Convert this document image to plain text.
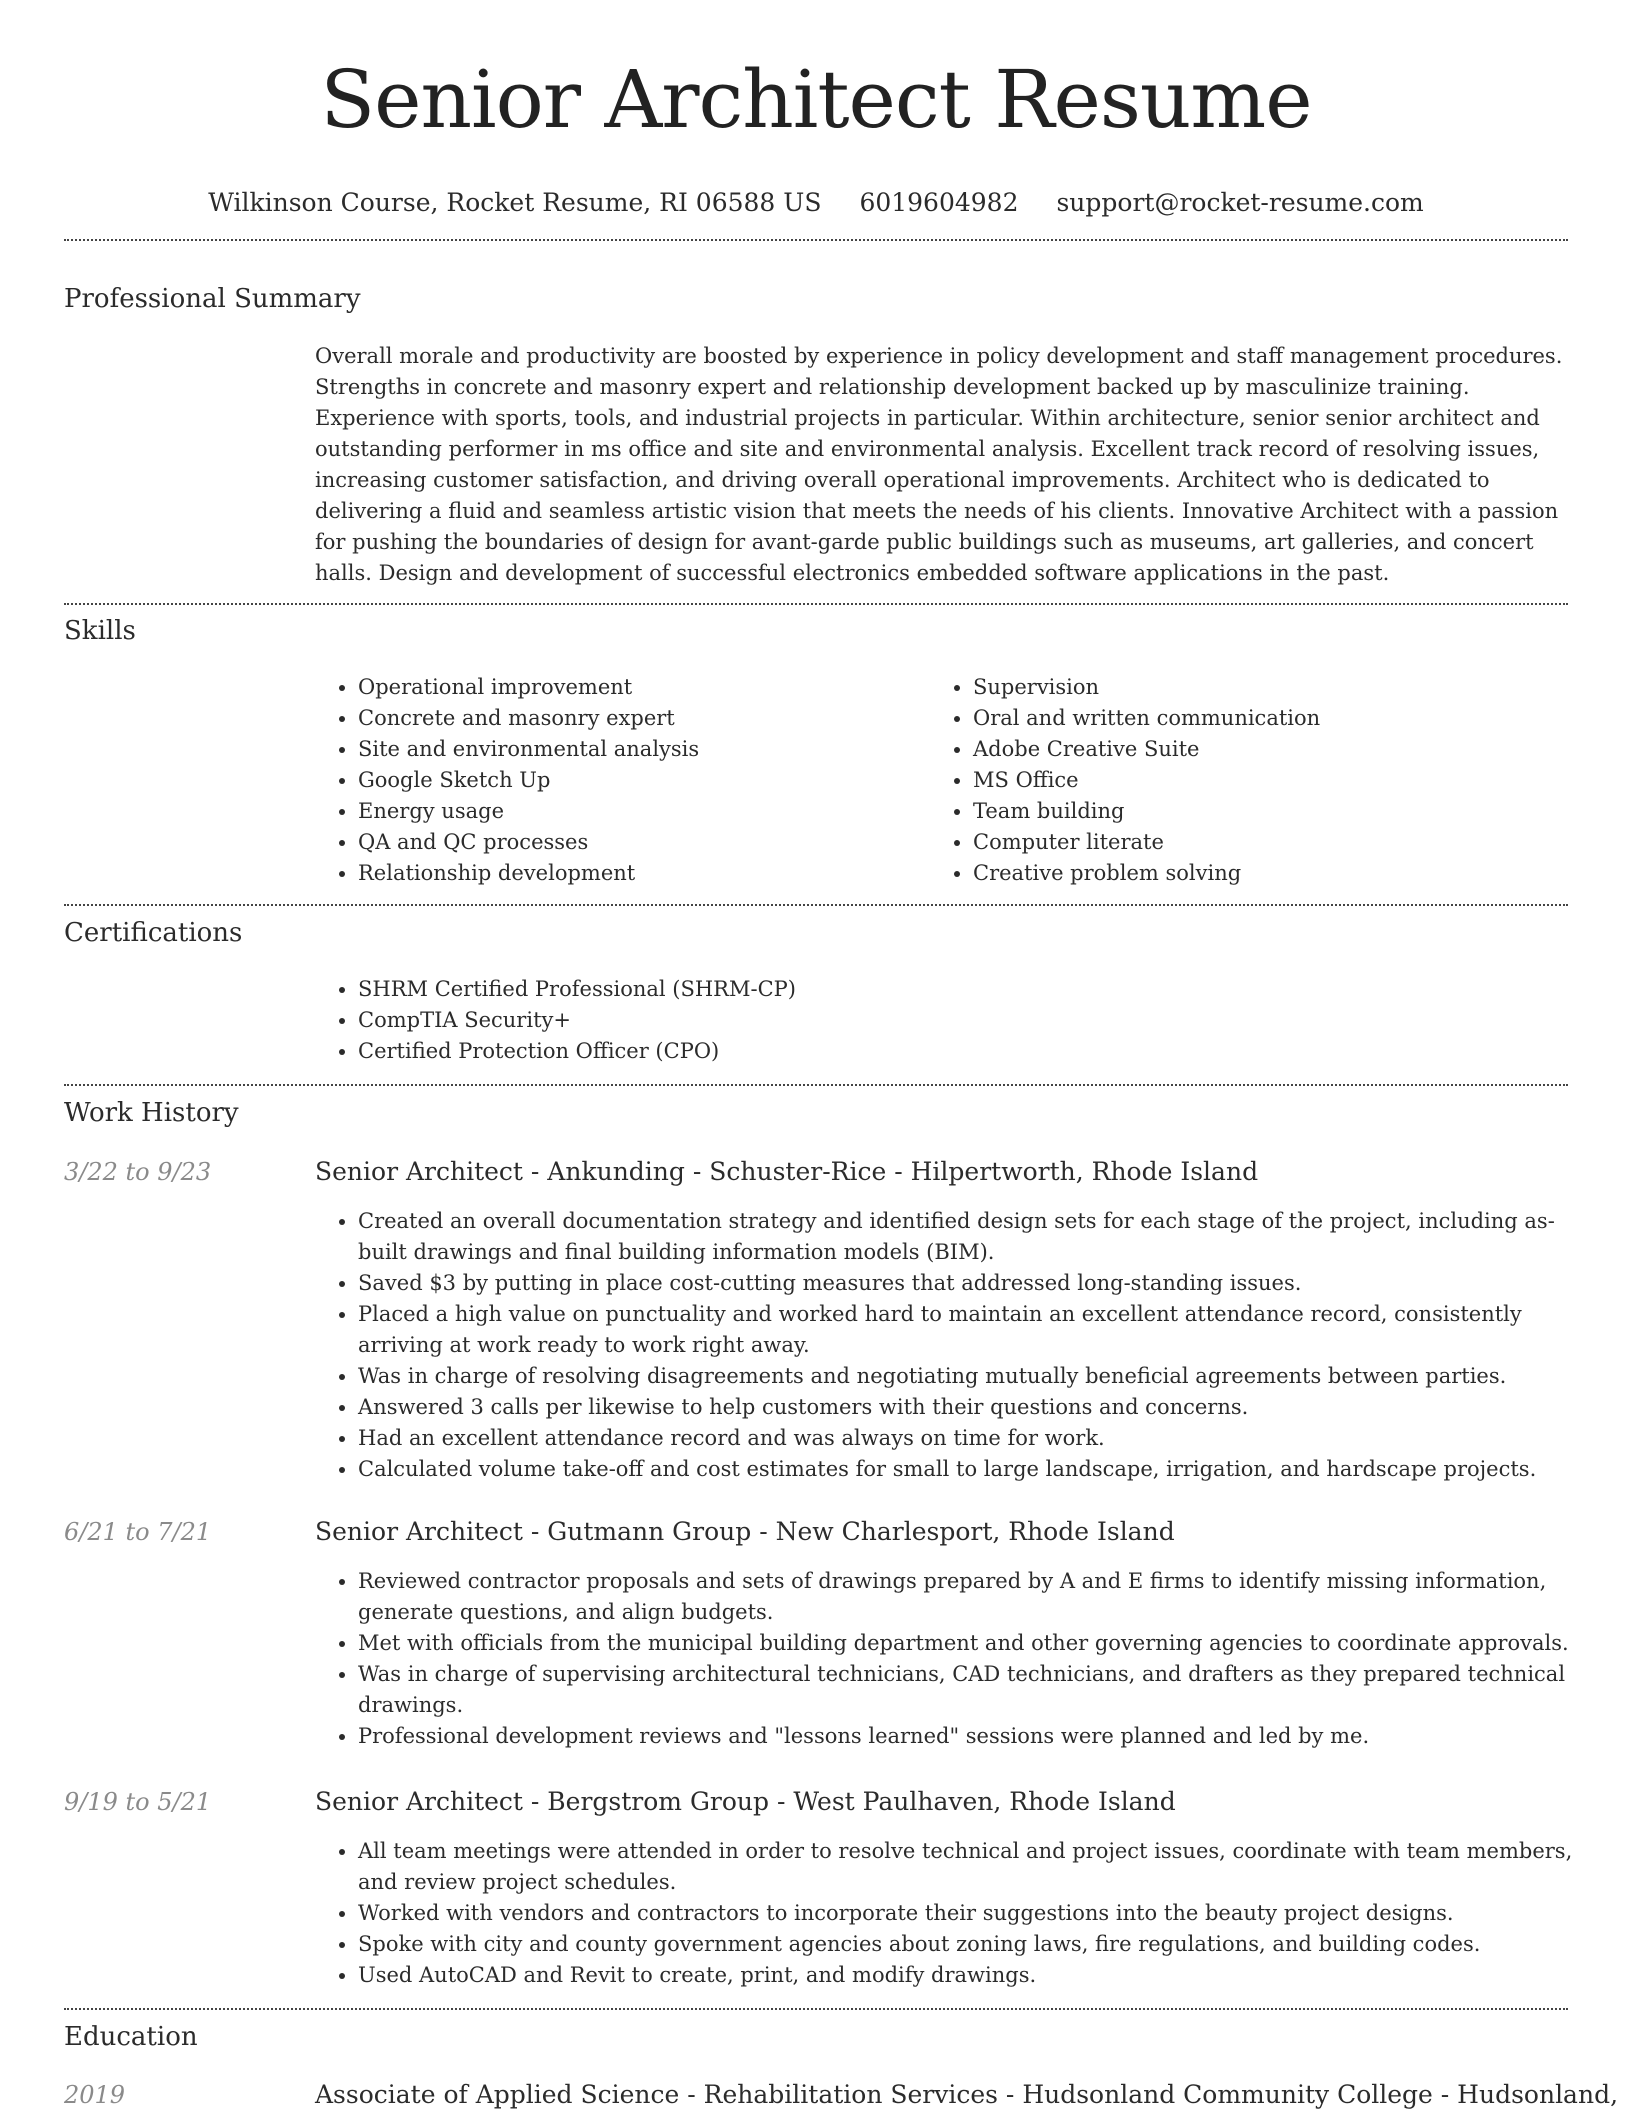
Senior Architect Resume
Wilkinson Course, Rocket Resume, RI 06588 US 6019604982 support@rocket-resume.com
Professional Summary

Overall morale and productivity are boosted by experience in policy development and staff management procedures. Strengths in concrete and masonry expert and relationship development backed up by masculinize training. Experience with sports, tools, and industrial projects in particular. Within architecture, senior senior architect and outstanding performer in ms office and site and environmental analysis. Excellent track record of resolving issues, increasing customer satisfaction, and driving overall operational improvements. Architect who is dedicated to delivering a fluid and seamless artistic vision that meets the needs of his clients. Innovative Architect with a passion for pushing the boundaries of design for avant-garde public buildings such as museums, art galleries, and concert halls. Design and development of successful electronics embedded software applications in the past.

Skills
• Operational improvement
• Concrete and masonry expert
• Site and environmental analysis
• Google Sketch Up
• Energy usage
• QA and QC processes
• Relationship development
• Supervision
• Oral and written communication
• Adobe Creative Suite
• MS Office
• Team building
• Computer literate
• Creative problem solving
Certifications
• SHRM Certified Professional (SHRM-CP)
• CompTIA Security+
• Certified Protection Officer (CPO)
Work History
3/22 to 9/23	Senior Architect - Ankunding - Schuster-Rice - Hilpertworth, Rhode Island
• Created an overall documentation strategy and identified design sets for each stage of the project, including as-built drawings and final building information models (BIM).
• Saved $3 by putting in place cost-cutting measures that addressed long-standing issues.
• Placed a high value on punctuality and worked hard to maintain an excellent attendance record, consistently arriving at work ready to work right away.
• Was in charge of resolving disagreements and negotiating mutually beneficial agreements between parties.
• Answered 3 calls per likewise to help customers with their questions and concerns.
• Had an excellent attendance record and was always on time for work.
• Calculated volume take-off and cost estimates for small to large landscape, irrigation, and hardscape projects.
6/21 to 7/21	Senior Architect - Gutmann Group - New Charlesport, Rhode Island
• Reviewed contractor proposals and sets of drawings prepared by A and E firms to identify missing information, generate questions, and align budgets.
• Met with officials from the municipal building department and other governing agencies to coordinate approvals.
• Was in charge of supervising architectural technicians, CAD technicians, and drafters as they prepared technical drawings.
• Professional development reviews and "lessons learned" sessions were planned and led by me.
9/19 to 5/21	Senior Architect - Bergstrom Group - West Paulhaven, Rhode Island
• All team meetings were attended in order to resolve technical and project issues, coordinate with team members, and review project schedules.
• Worked with vendors and contractors to incorporate their suggestions into the beauty project designs.
• Spoke with city and county government agencies about zoning laws, fire regulations, and building codes.
• Used AutoCAD and Revit to create, print, and modify drawings.
Education
2019	Associate of Applied Science - Rehabilitation Services - Hudsonland Community College - Hudsonland,
